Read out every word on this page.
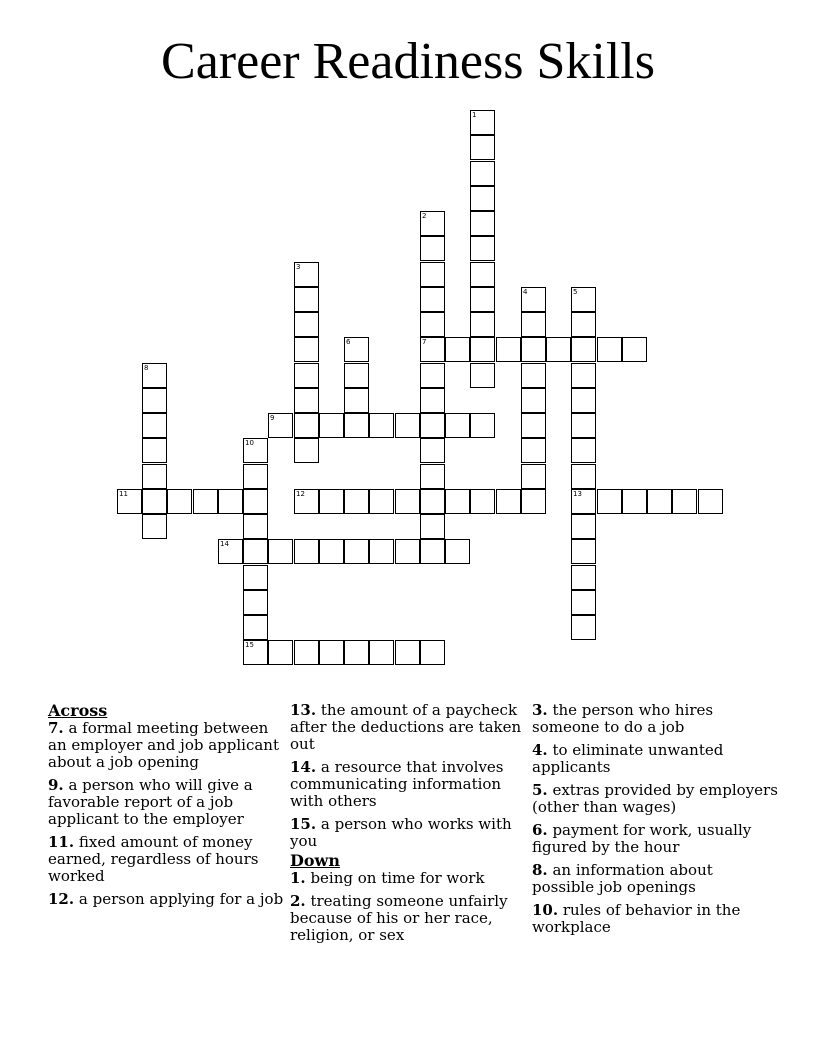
Career Readiness Skills
1
2
7
3
4	5
13
6
8
9
10
15
11	12
14
Across
7. a formal meeting between an employer and job applicant about a job opening
9. a person who will give a favorable report of a job applicant to the employer
11. fixed amount of money earned, regardless of hours worked
12. a person applying for a job
13. the amount of a paycheck after the deductions are taken out
14. a resource that involves communicating information with others
15. a person who works with you
Down
1. being on time for work
2. treating someone unfairly because of his or her race, religion, or sex
3. the person who hires someone to do a job
4. to eliminate unwanted applicants
5. extras provided by employers (other than wages)
6. payment for work, usually figured by the hour
8. an information about possible job openings
10. rules of behavior in the workplace
